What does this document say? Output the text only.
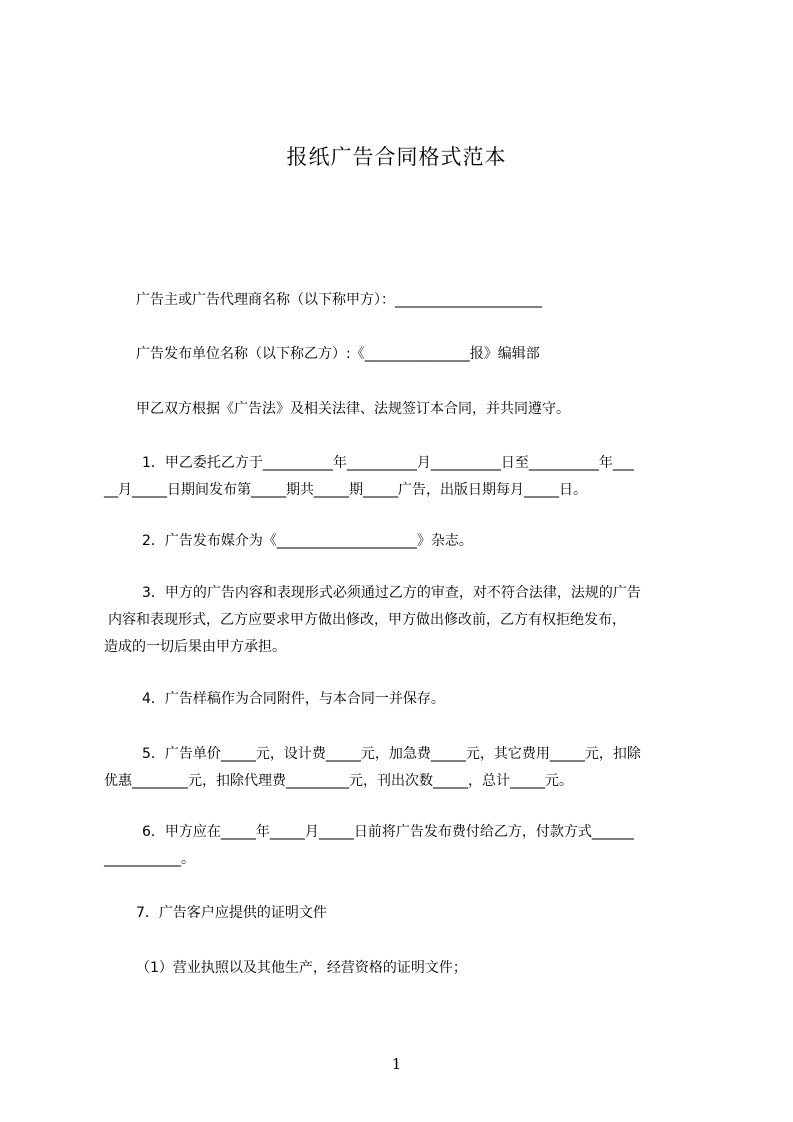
报纸广告合同格式范本
广告主或广告代理商名称（以下称甲方）：_____________________
广告发布单位名称（以下称乙方）:《_______________报》编辑部
甲乙双方根据《广告法》及相关法律、法规签订本合同，并共同遵守。
1．甲乙委托乙方于__________年__________月__________日至__________年___
__月_____日期间发布第_____期共_____期_____广告，出版日期每月_____日。
2．广告发布媒介为《____________________》杂志。
3．甲方的广告内容和表现形式必须通过乙方的审查，对不符合法律，法规的广告
内容和表现形式，乙方应要求甲方做出修改，甲方做出修改前，乙方有权拒绝发布，
造成的一切后果由甲方承担。
4．广告样稿作为合同附件，与本合同一并保存。
5．广告单价_____元，设计费_____元，加急费_____元，其它费用_____元，扣除
优惠________元，扣除代理费_________元，刊出次数_____，总计_____元。
6．甲方应在_____年_____月_____日前将广告发布费付给乙方，付款方式______
___________。
7．广告客户应提供的证明文件
（1）营业执照以及其他生产，经营资格的证明文件；
1
